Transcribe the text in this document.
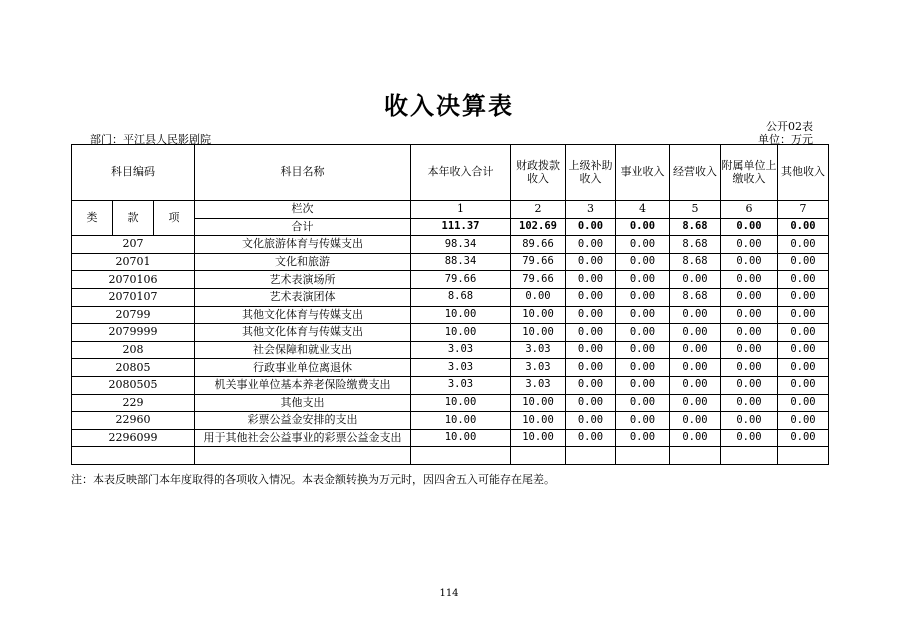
收入决算表
公开02表
部门：平江县人民影剧院	单位：万元
科目编码			科目名称	本年收入合计	财政拨款收入	上级补助收入	事业收入	经营收入	附属单位上缴收入	其他收入
类	款	项	栏次	1	2	3	4	5	6	7
			合计	111.37	102.69	0.00	0.00	8.68	0.00	0.00
207			文化旅游体育与传媒支出	98.34	89.66	0.00	0.00	8.68	0.00	0.00
20701			文化和旅游	88.34	79.66	0.00	0.00	8.68	0.00	0.00
2070106			艺术表演场所	79.66	79.66	0.00	0.00	0.00	0.00	0.00
2070107			艺术表演团体	8.68	0.00	0.00	0.00	8.68	0.00	0.00
20799			其他文化体育与传媒支出	10.00	10.00	0.00	0.00	0.00	0.00	0.00
2079999			其他文化体育与传媒支出	10.00	10.00	0.00	0.00	0.00	0.00	0.00
208			社会保障和就业支出	3.03	3.03	0.00	0.00	0.00	0.00	0.00
20805			行政事业单位离退休	3.03	3.03	0.00	0.00	0.00	0.00	0.00
2080505			机关事业单位基本养老保险缴费支出	3.03	3.03	0.00	0.00	0.00	0.00	0.00
229			其他支出	10.00	10.00	0.00	0.00	0.00	0.00	0.00
22960			彩票公益金安排的支出	10.00	10.00	0.00	0.00	0.00	0.00	0.00
2296099			用于其他社会公益事业的彩票公益金支出	10.00	10.00	0.00	0.00	0.00	0.00	0.00

注：本表反映部门本年度取得的各项收入情况。本表金额转换为万元时，因四舍五入可能存在尾差。
114
